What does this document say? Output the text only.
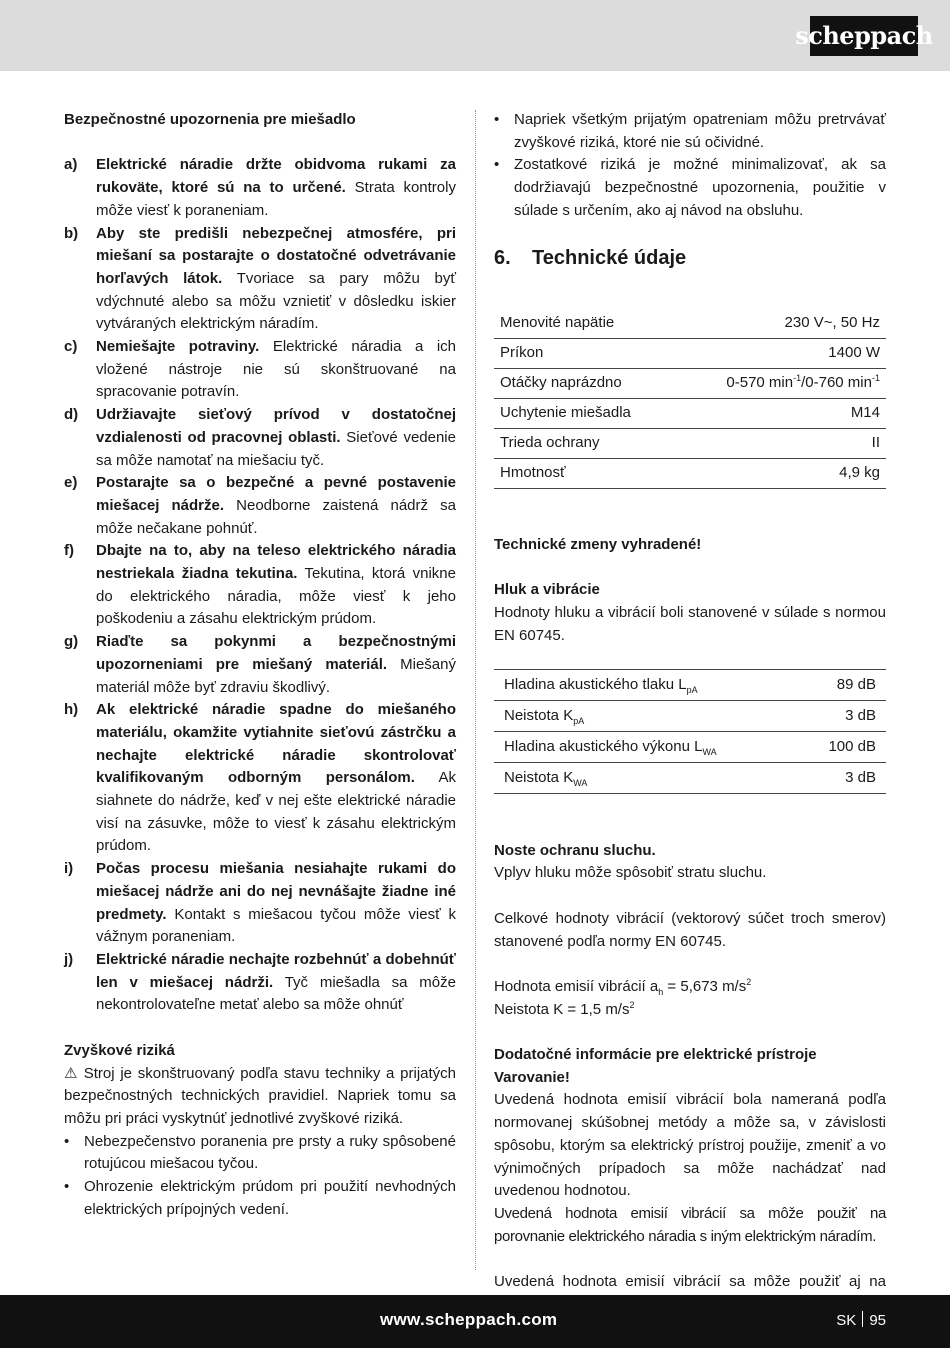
scheppach

Bezpečnostné upozornenia pre miešadlo

a)	Elektrické náradie držte obidvoma rukami za rukoväte, ktoré sú na to určené. Strata kontroly môže viesť k poraneniam.
b)	Aby ste predišli nebezpečnej atmosfére, pri miešaní sa postarajte o dostatočné odvetrávanie horľavých látok. Tvoriace sa pary môžu byť vdýchnuté alebo sa môžu vznietiť v dôsledku iskier vytváraných elektrickým náradím.
c)	Nemiešajte potraviny. Elektrické náradia a ich vložené nástroje nie sú skonštruované na spracovanie potravín.
d)	Udržiavajte sieťový prívod v dostatočnej vzdialenosti od pracovnej oblasti. Sieťové vedenie sa môže namotať na miešaciu tyč.
e)	Postarajte sa o bezpečné a pevné postavenie miešacej nádrže. Neodborne zaistená nádrž sa môže nečakane pohnúť.
f)	Dbajte na to, aby na teleso elektrického náradia nestriekala žiadna tekutina. Tekutina, ktorá vnikne do elektrického náradia, môže viesť k jeho poškodeniu a zásahu elektrickým prúdom.
g)	Riaďte sa pokynmi a bezpečnostnými upozorneniami pre miešaný materiál. Miešaný materiál môže byť zdraviu škodlivý.
h)	Ak elektrické náradie spadne do miešaného materiálu, okamžite vytiahnite sieťovú zástrčku a nechajte elektrické náradie skontrolovať kvalifikovaným odborným personálom. Ak siahnete do nádrže, keď v nej ešte elektrické náradie visí na zásuvke, môže to viesť k zásahu elektrickým prúdom.
i)	Počas procesu miešania nesiahajte rukami do miešacej nádrže ani do nej nevnášajte žiadne iné predmety. Kontakt s miešacou tyčou môže viesť k vážnym poraneniam.
j)	Elektrické náradie nechajte rozbehnúť a dobehnúť len v miešacej nádrži. Tyč miešadla sa môže nekontrolovateľne metať alebo sa môže ohnúť

Zvyškové riziká

⚠ Stroj je skonštruovaný podľa stavu techniky a prijatých bezpečnostných technických pravidiel. Napriek tomu sa môžu pri práci vyskytnúť jednotlivé zvyškové riziká.

• Nebezpečenstvo poranenia pre prsty a ruky spôsobené rotujúcou miešacou tyčou.
• Ohrozenie elektrickým prúdom pri použití nevhodných elektrických prípojných vedení.
• Napriek všetkým prijatým opatreniam môžu pretrvávať zvyškové riziká, ktoré nie sú očividné.
• Zostatkové riziká je možné minimalizovať, ak sa dodržiavajú bezpečnostné upozornenia, použitie v súlade s určením, ako aj návod na obsluhu.
6. Technické údaje
Menovité napätie	230 V~, 50 Hz
Príkon	1400 W
Otáčky naprázdno	0-570 $\min^{-1}/0-760$ $\min^{-1}$
Uchytenie miešadla	M14
Trieda ochrany	II
Hmotnosť	4,9 kg

Technické zmeny vyhradené!

Hluk a vibrácie

Hodnoty hluku a vibrácií boli stanovené v súlade s normou EN 60745.

Hladina akustického tlaku $L_{pA}$	89 dB
Neistota $K_{pA}$	3 dB
Hladina akustického výkonu $L_{WA}$	100 dB
Neistota $K_{WA}$	3 dB

Noste ochranu sluchu.

Vplyv hluku môže spôsobiť stratu sluchu.

Celkové hodnoty vibrácií (vektorový súčet troch smerov) stanovené podľa normy EN 60745.

Hodnota emisií vibrácií $a_h = 5,673$ $m/s^2$

Neistota K = 1,5 $m/s^2$

Dodatočné informácie pre elektrické prístroje

Varovanie!

Uvedená hodnota emisií vibrácií bola nameraná podľa normovanej skúšobnej metódy a môže sa, v závislosti spôsobu, ktorým sa elektrický prístroj použije, zmeniť a vo výnimočných prípadoch sa môže nachádzať nad uvedenou hodnotou.

Uvedená hodnota emisií vibrácií sa môže použiť na porovnanie elektrického náradia s iným elektrickým náradím.

Uvedená hodnota emisií vibrácií sa môže použiť aj na

www.scheppach.com	SK 95
